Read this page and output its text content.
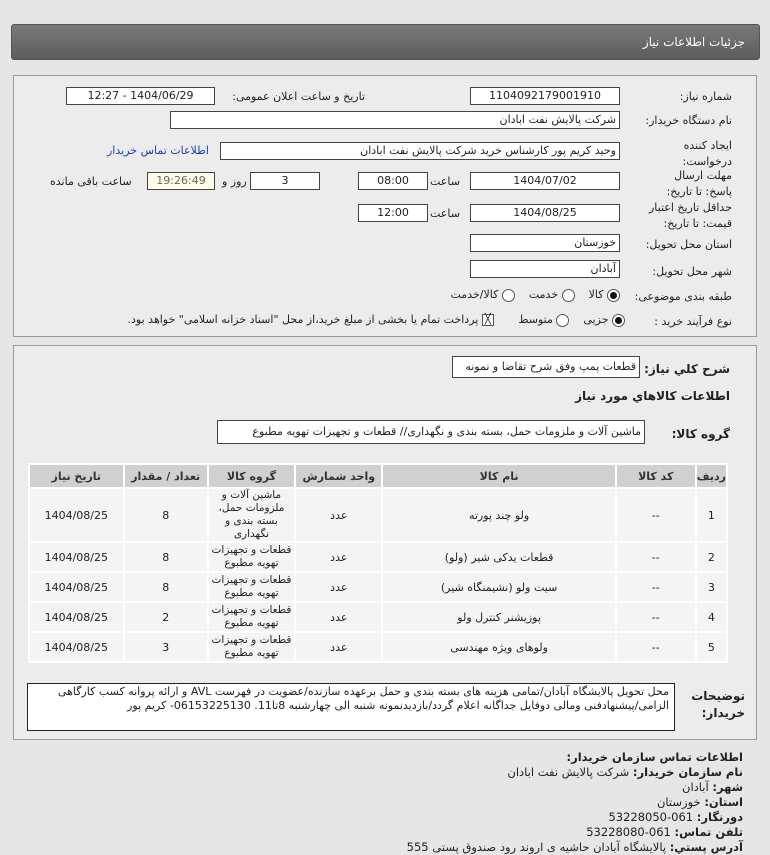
جزئیات اطلاعات نیاز
شماره نیاز:
1104092179001910
تاریخ و ساعت اعلان عمومی:
1404/06/29 - 12:27
نام دستگاه خریدار:
شرکت پالایش نفت ابادان
ایجاد کننده درخواست:
وحید کریم پور کارشناس خرید شرکت پالایش نفت ابادان
اطلاعات تماس خریدار
مهلت ارسال پاسخ: تا تاریخ:
1404/07/02
ساعت
08:00
3
روز و
19:26:49
ساعت باقی مانده
حداقل تاریخ اعتبار قیمت: تا تاریخ:
1404/08/25
ساعت
12:00
استان محل تحویل:
خوزستان
شهر محل تحویل:
آبادان
طبقه بندی موضوعی:
کالا     خدمت     کالا/خدمت
نوع فرآیند خرید :
جزیی     متوسط       ╳ پرداخت تمام یا بخشی از مبلغ خرید،از محل "اسناد خزانه اسلامی" خواهد بود.
شرح کلي نیاز:
قطعات پمپ وفق شرح تقاضا و نمونه
اطلاعات کالاهاي مورد نیاز
گروه کالا:
ماشین آلات و ملزومات حمل، بسته بندی و نگهداری// قطعات و تجهیزات تهویه مطبوع
ردیف	کد کالا	نام کالا	واحد شمارش	گروه کالا	تعداد / مقدار	تاریخ نیاز
1	--	ولو چند پورته	عدد	ماشین آلات و ملزومات حمل، بسته بندی و نگهداری	8	1404/08/25
2	--	قطعات یدکی شیر (ولو)	عدد	قطعات و تجهیزات تهویه مطبوع	8	1404/08/25
3	--	سیت ولو (نشیمنگاه شیر)	عدد	قطعات و تجهیزات تهویه مطبوع	8	1404/08/25
4	--	پوزیشنر کنترل ولو	عدد	قطعات و تجهیزات تهویه مطبوع	2	1404/08/25
5	--	ولوهای ویژه مهندسی	عدد	قطعات و تجهیزات تهویه مطبوع	3	1404/08/25
توضیحات خریدار:
محل تحویل پالایشگاه آبادان/تمامی هزینه های بسته بندی و حمل برعهده سازنده/عضویت در فهرست AVL و ارائه پروانه کسب کارگاهی الزامی/پیشنهادفنی ومالی دوفایل جداگانه اعلام گردد/بازدیدنمونه شنبه الی چهارشنبه 8تا11. 06153225130- کریم پور
اطلاعات تماس سازمان خریدار:
نام سازمان خریدار: شرکت پالایش نفت ابادان
شهر: آبادان
استان: خوزستان
دورنگار: 061-53228050
تلفن تماس: 061-53228080
آدرس پستي: پالایشگاه آبادان حاشیه ی اروند رود صندوق پستی 555
